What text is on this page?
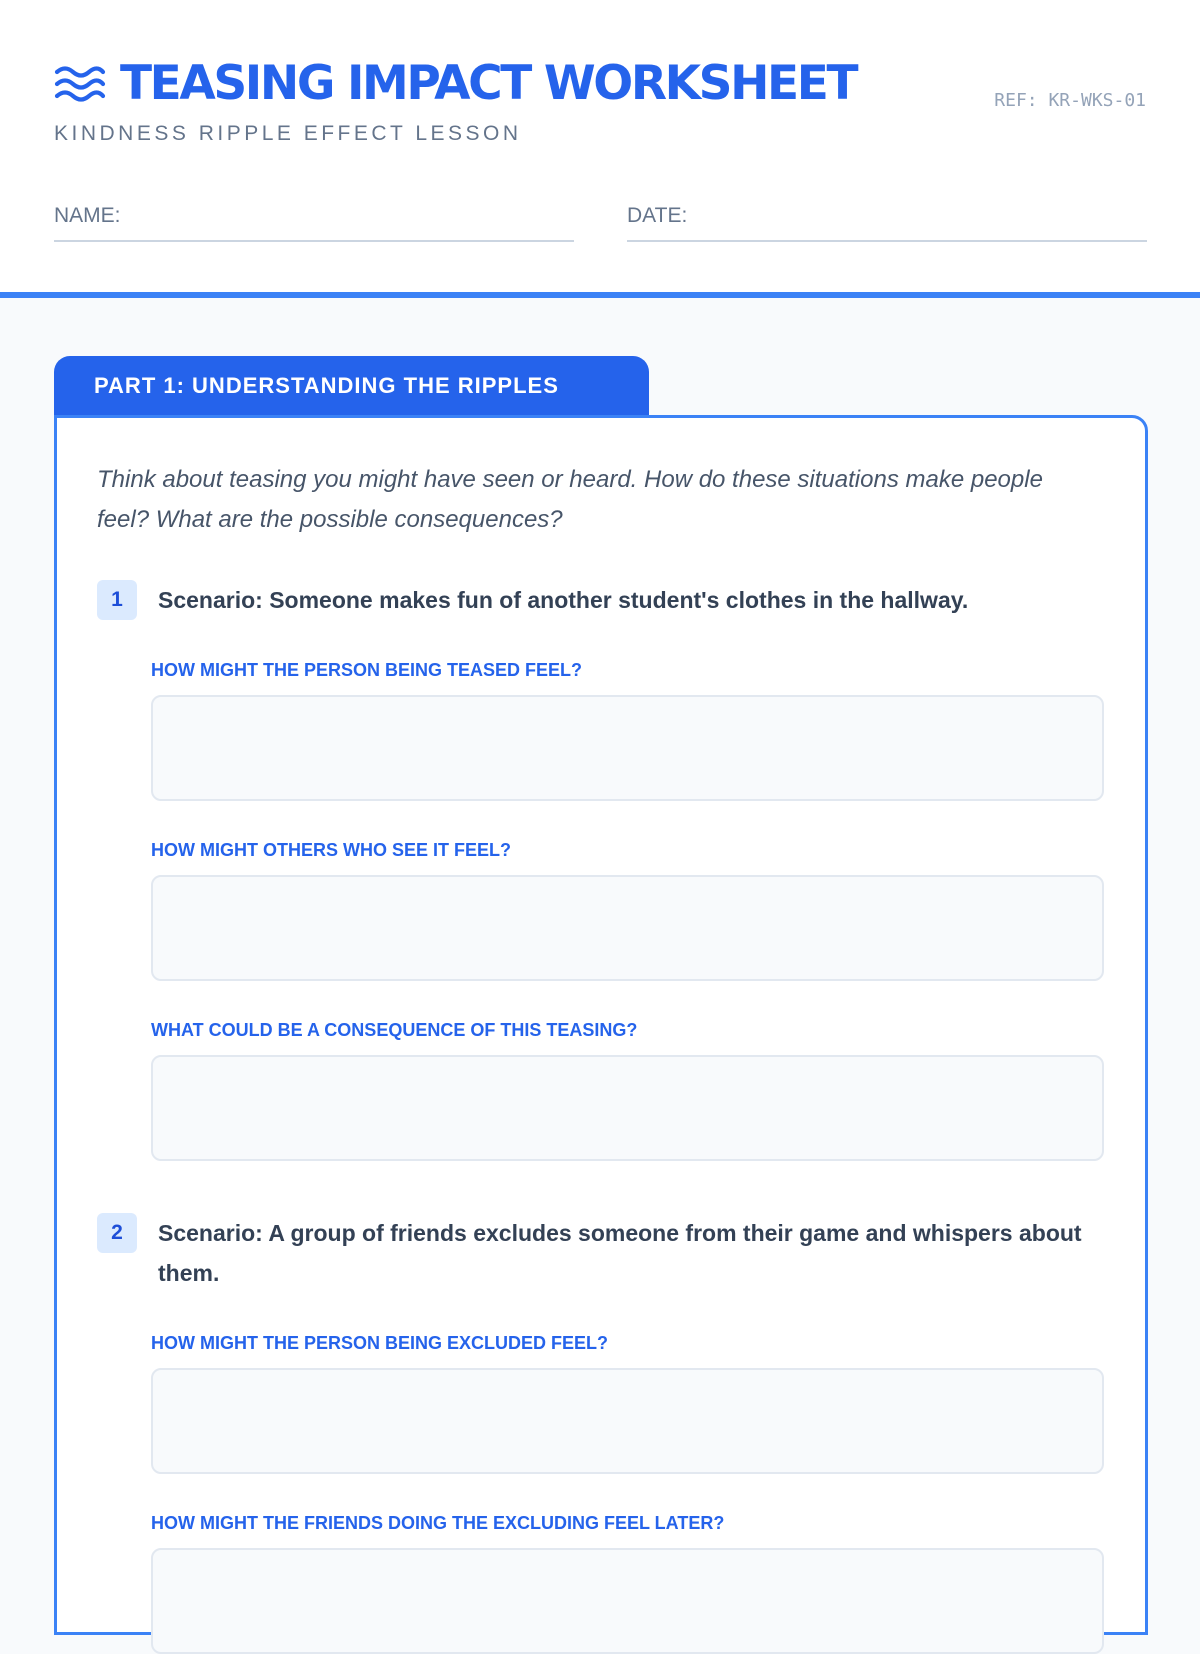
TEASING IMPACT WORKSHEET	REF: KR-WKS-01
KINDNESS RIPPLE EFFECT LESSON
NAME:	DATE:
PART 1: UNDERSTANDING THE RIPPLES
Think about teasing you might have seen or heard. How do these situations make people feel? What are the possible consequences?
1	Scenario: Someone makes fun of another student's clothes in the hallway.
HOW MIGHT THE PERSON BEING TEASED FEEL?
HOW MIGHT OTHERS WHO SEE IT FEEL?
WHAT COULD BE A CONSEQUENCE OF THIS TEASING?
2	Scenario: A group of friends excludes someone from their game and whispers about them.
HOW MIGHT THE PERSON BEING EXCLUDED FEEL?
HOW MIGHT THE FRIENDS DOING THE EXCLUDING FEEL LATER?
